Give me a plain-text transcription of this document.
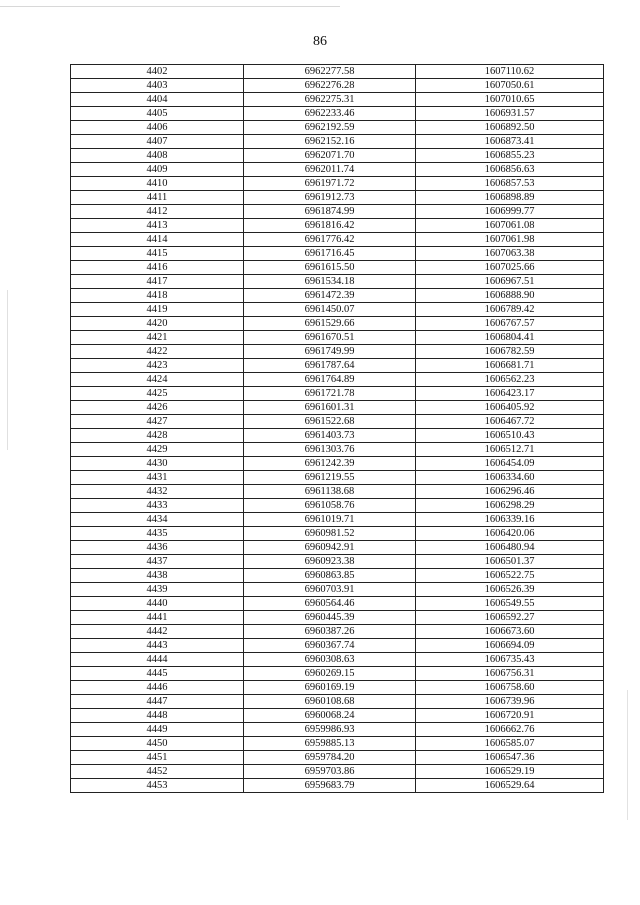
86
4402	6962277.58	1607110.62
4403	6962276.28	1607050.61
4404	6962275.31	1607010.65
4405	6962233.46	1606931.57
4406	6962192.59	1606892.50
4407	6962152.16	1606873.41
4408	6962071.70	1606855.23
4409	6962011.74	1606856.63
4410	6961971.72	1606857.53
4411	6961912.73	1606898.89
4412	6961874.99	1606999.77
4413	6961816.42	1607061.08
4414	6961776.42	1607061.98
4415	6961716.45	1607063.38
4416	6961615.50	1607025.66
4417	6961534.18	1606967.51
4418	6961472.39	1606888.90
4419	6961450.07	1606789.42
4420	6961529.66	1606767.57
4421	6961670.51	1606804.41
4422	6961749.99	1606782.59
4423	6961787.64	1606681.71
4424	6961764.89	1606562.23
4425	6961721.78	1606423.17
4426	6961601.31	1606405.92
4427	6961522.68	1606467.72
4428	6961403.73	1606510.43
4429	6961303.76	1606512.71
4430	6961242.39	1606454.09
4431	6961219.55	1606334.60
4432	6961138.68	1606296.46
4433	6961058.76	1606298.29
4434	6961019.71	1606339.16
4435	6960981.52	1606420.06
4436	6960942.91	1606480.94
4437	6960923.38	1606501.37
4438	6960863.85	1606522.75
4439	6960703.91	1606526.39
4440	6960564.46	1606549.55
4441	6960445.39	1606592.27
4442	6960387.26	1606673.60
4443	6960367.74	1606694.09
4444	6960308.63	1606735.43
4445	6960269.15	1606756.31
4446	6960169.19	1606758.60
4447	6960108.68	1606739.96
4448	6960068.24	1606720.91
4449	6959986.93	1606662.76
4450	6959885.13	1606585.07
4451	6959784.20	1606547.36
4452	6959703.86	1606529.19
4453	6959683.79	1606529.64
